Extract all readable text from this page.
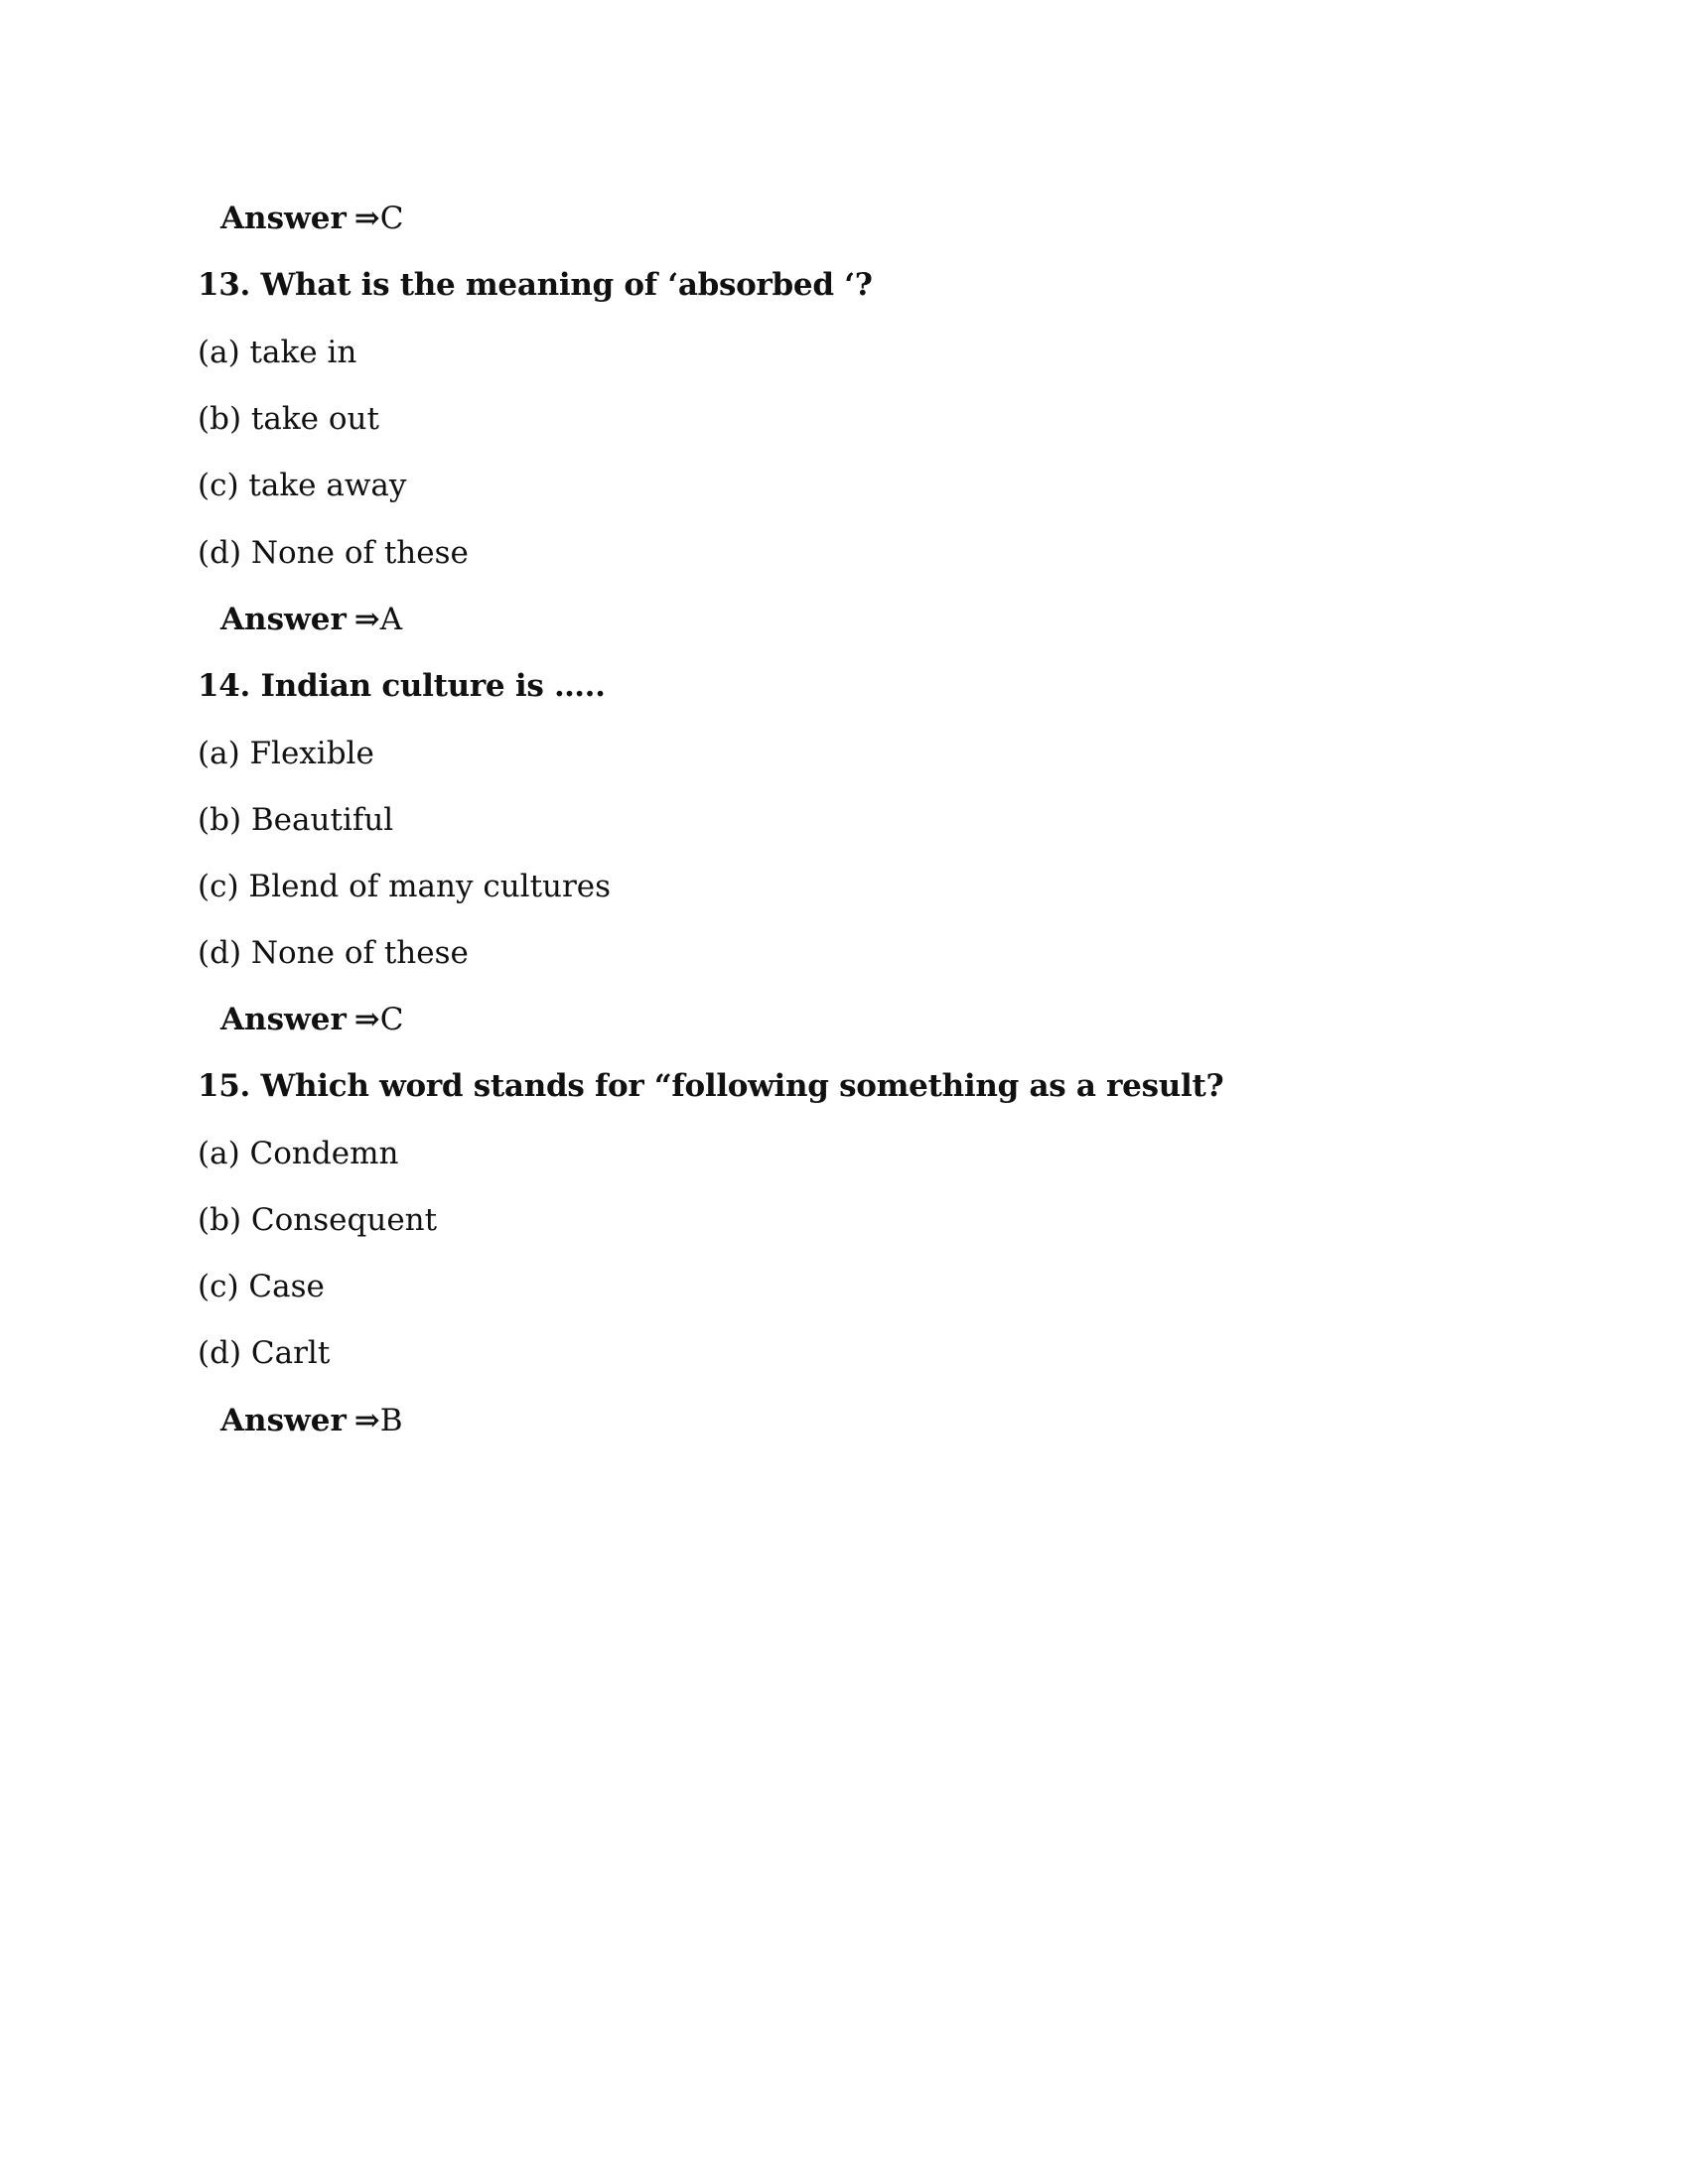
Answer ⇒C
13. What is the meaning of ‘absorbed ‘?
(a) take in
(b) take out
(c) take away
(d) None of these
Answer ⇒A
14. Indian culture is …..
(a) Flexible
(b) Beautiful
(c) Blend of many cultures
(d) None of these
Answer ⇒C
15. Which word stands for “following something as a result?
(a) Condemn
(b) Consequent
(c) Case
(d) Carlt
Answer ⇒B
